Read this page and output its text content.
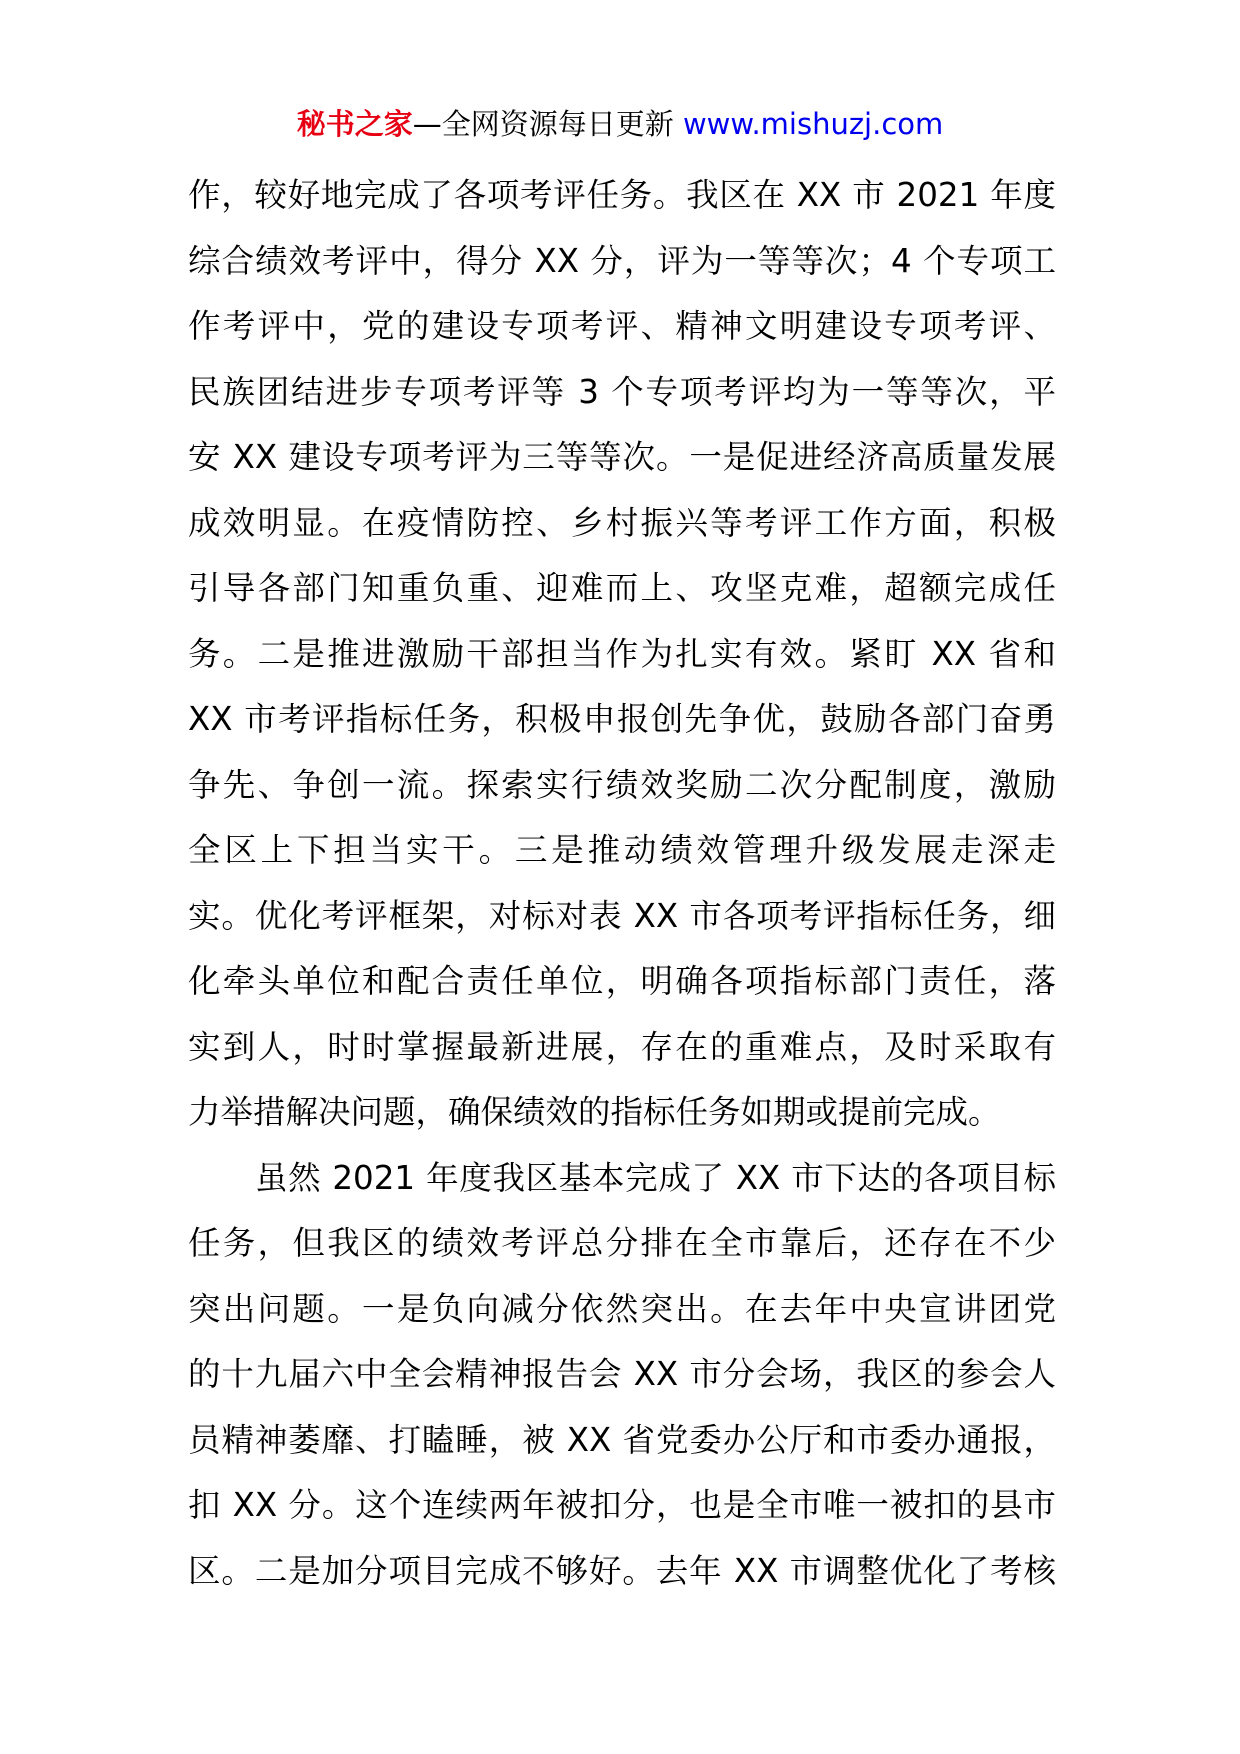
秘书之家—全网资源每日更新 www.mishuzj.com
作，较好地完成了各项考评任务。我区在 XX 市 2021 年度
综合绩效考评中，得分 XX 分，评为一等等次；4 个专项工
作考评中，党的建设专项考评、精神文明建设专项考评、
民族团结进步专项考评等 3 个专项考评均为一等等次，平
安 XX 建设专项考评为三等等次。一是促进经济高质量发展
成效明显。在疫情防控、乡村振兴等考评工作方面，积极
引导各部门知重负重、迎难而上、攻坚克难，超额完成任
务。二是推进激励干部担当作为扎实有效。紧盯 XX 省和
XX 市考评指标任务，积极申报创先争优，鼓励各部门奋勇
争先、争创一流。探索实行绩效奖励二次分配制度，激励
全区上下担当实干。三是推动绩效管理升级发展走深走
实。优化考评框架，对标对表 XX 市各项考评指标任务，细
化牵头单位和配合责任单位，明确各项指标部门责任，落
实到人，时时掌握最新进展，存在的重难点，及时采取有
力举措解决问题，确保绩效的指标任务如期或提前完成。
虽然 2021 年度我区基本完成了 XX 市下达的各项目标
任务，但我区的绩效考评总分排在全市靠后，还存在不少
突出问题。一是负向减分依然突出。在去年中央宣讲团党
的十九届六中全会精神报告会 XX 市分会场，我区的参会人
员精神萎靡、打瞌睡，被 XX 省党委办公厅和市委办通报，
扣 XX 分。这个连续两年被扣分，也是全市唯一被扣的县市
区。二是加分项目完成不够好。去年 XX 市调整优化了考核
